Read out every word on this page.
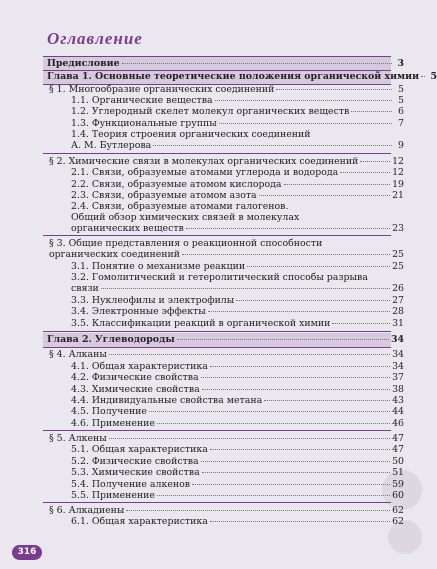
Оглавление
Предисловие	3
Глава 1. Основные теоретические положения органической химии	5
§ 1. Многообразие органических соединений	5
1.1. Органические вещества	5
1.2. Углеродный скелет молекул органических веществ	6
1.3. Функциональные группы	7
1.4. Теория строения органических соединений
А. М. Бутлерова	9
§ 2. Химические связи в молекулах органических соединений	12
2.1. Связи, образуемые атомами углерода и водорода	12
2.2. Связи, образуемые атомом кислорода	19
2.3. Связи, образуемые атомом азота	21
2.4. Связи, образуемые атомами галогенов.
Общий обзор химических связей в молекулах
органических веществ	23
§ 3. Общие представления о реакционной способности
органических соединений	25
3.1. Понятие о механизме реакции	25
3.2. Гомолитический и гетеролитический способы разрыва
связи	26
3.3. Нуклеофилы и электрофилы	27
3.4. Электронные эффекты	28
3.5. Классификации реакций в органической химии	31
Глава 2. Углеводороды	34
§ 4. Алканы	34
4.1. Общая характеристика	34
4.2. Физические свойства	37
4.3. Химические свойства	38
4.4. Индивидуальные свойства метана	43
4.5. Получение	44
4.6. Применение	46
§ 5. Алкены	47
5.1. Общая характеристика	47
5.2. Физические свойства	50
5.3. Химические свойства	51
5.4. Получение алкенов	59
5.5. Применение	60
§ 6. Алкадиены	62
6.1. Общая характеристика	62
316
